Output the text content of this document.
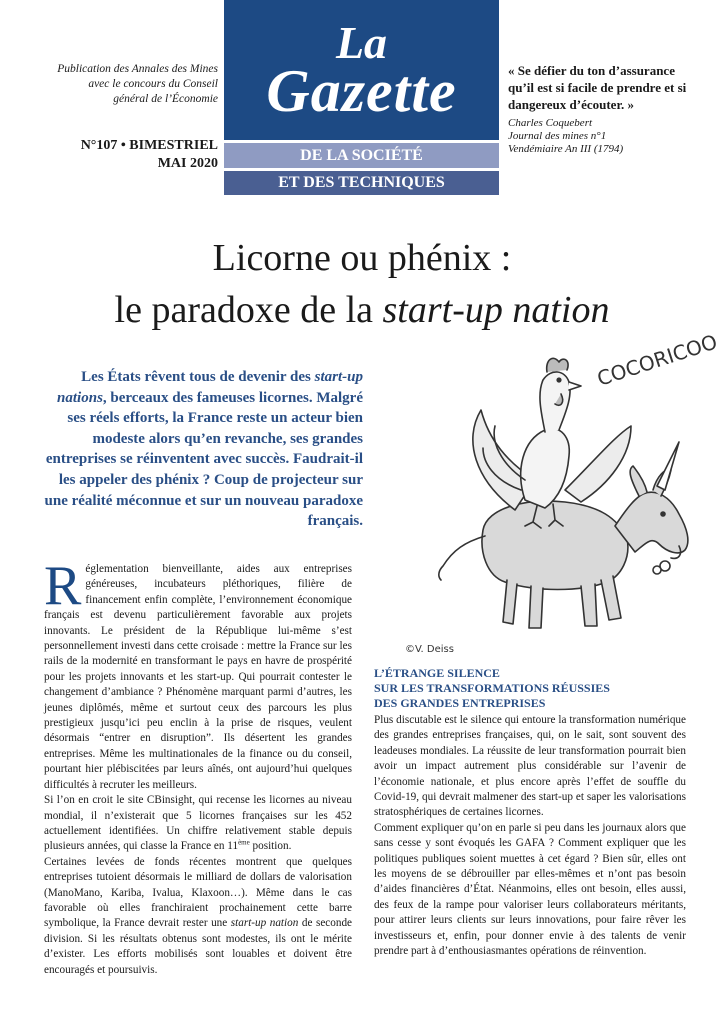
Publication des Annales des Mines
avec le concours du Conseil
général de l’Économie
N°107 • BIMESTRIEL
MAI 2020
La
Gazette
DE LA SOCIÉTÉ
ET DES TECHNIQUES
« Se défier du ton d’assurance qu’il est si facile de prendre et si dangereux d’écouter. »
Charles Coquebert
Journal des mines n°1
Vendémiaire An III (1794)
Licorne ou phénix :
le paradoxe de la start-up nation
Les États rêvent tous de devenir des start-up nations, berceaux des fameuses licornes. Malgré ses réels efforts, la France reste un acteur bien modeste alors qu’en revanche, ses grandes entreprises se réinventent avec succès. Faudrait-il les appeler des phénix ? Coup de projecteur sur une réalité méconnue et sur un nouveau paradoxe français.
COCORICOO
©V. Deiss

Réglementation bienveillante, aides aux entreprises généreuses, incubateurs pléthoriques, filière de financement enfin complète, l’environnement économique français est devenu particulièrement favorable aux projets innovants. Le président de la République lui-même s’est personnellement investi dans cette croisade : mettre la France sur les rails de la modernité en transformant le pays en havre de prospérité pour les projets innovants et les start-up. Qui pourrait contester le changement d’ambiance ? Phénomène marquant parmi d’autres, les jeunes diplômés, même et surtout ceux des parcours les plus prestigieux jusqu’ici peu enclin à la prise de risques, veulent désormais “entrer en disruption”. Ils désertent les grandes entreprises. Même les multinationales de la finance ou du conseil, pourtant hier plébiscitées par leurs aînés, ont aujourd’hui quelques difficultés à recruter les meilleurs.

Si l’on en croit le site CBinsight, qui recense les licornes au niveau mondial, il n’existerait que 5 licornes françaises sur les 452 actuellement identifiées. Un chiffre relativement stable depuis plusieurs années, qui classe la France en 11ème position.

Certaines levées de fonds récentes montrent que quelques entreprises tutoient désormais le milliard de dollars de valorisation (ManoMano, Kariba, Ivalua, Klaxoon…). Même dans le cas favorable où elles franchiraient prochainement cette barre symbolique, la France devrait rester une start-up nation de seconde division. Si les résultats obtenus sont modestes, ils ont le mérite d’exister. Les efforts mobilisés sont louables et doivent être encouragés et poursuivis.

L’ÉTRANGE SILENCE
SUR LES TRANSFORMATIONS RÉUSSIES
DES GRANDES ENTREPRISES

Plus discutable est le silence qui entoure la transformation numérique des grandes entreprises françaises, qui, on le sait, sont souvent des leadeuses mondiales. La réussite de leur transformation pourrait bien avoir un impact autrement plus considérable sur l’avenir de l’économie nationale, et plus encore après l’effet de souffle du Covid-19, qui devrait malmener des start-up et saper les valorisations stratosphériques de certaines licornes.

Comment expliquer qu’on en parle si peu dans les journaux alors que sans cesse y sont évoqués les GAFA ? Comment expliquer que les politiques publiques soient muettes à cet égard ? Bien sûr, elles ont les moyens de se débrouiller par elles-mêmes et n’ont pas besoin d’aides financières d’État. Néanmoins, elles ont besoin, elles aussi, des feux de la rampe pour valoriser leurs collaborateurs méritants, pour attirer leurs clients sur leurs innovations, pour faire rêver les investisseurs et, enfin, pour donner envie à des talents de venir prendre part à d’enthousiasmantes opérations de réinvention.
